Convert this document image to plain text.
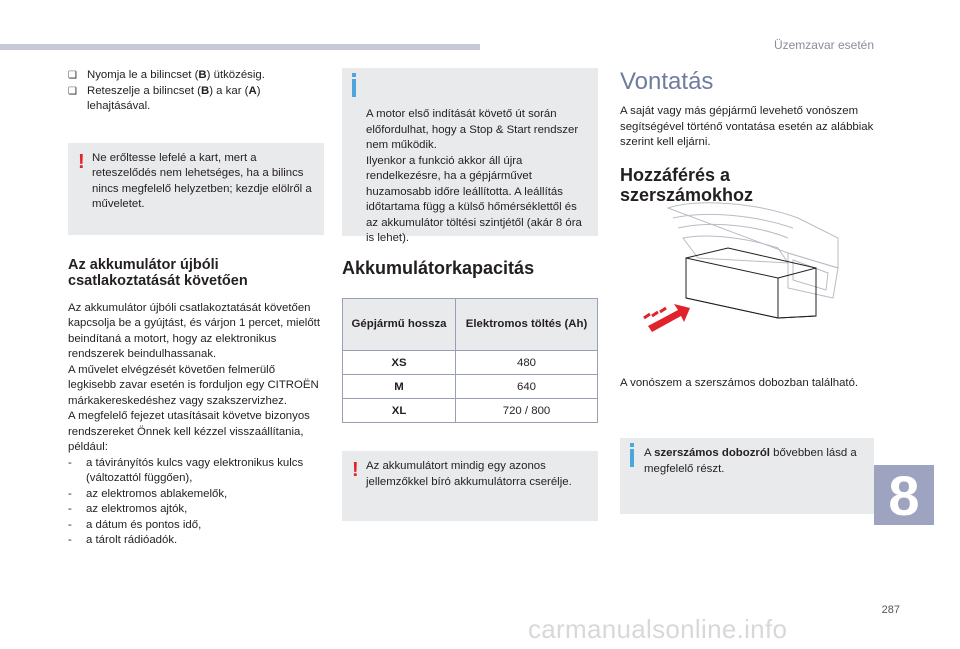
Üzemzavar esetén
8
287
carmanualsonline.info
❏ Nyomja le a bilincset (B) ütközésig.
❏ Reteszelje a bilincset (B) a kar (A) lehajtásával.
! Ne erőltesse lefelé a kart, mert a reteszelődés nem lehetséges, ha a bilincs nincs megfelelő helyzetben; kezdje elölről a műveletet.
Az akkumulátor újbóli csatlakoztatását követően
Az akkumulátor újbóli csatlakoztatását követően kapcsolja be a gyújtást, és várjon 1 percet, mielőtt beindítaná a motort, hogy az elektronikus rendszerek beindulhassanak.
A művelet elvégzését követően felmerülő legkisebb zavar esetén is forduljon egy CITROËN márkakereskedéshez vagy szakszervizhez.
A megfelelő fejezet utasításait követve bizonyos rendszereket Önnek kell kézzel visszaállítania, például:
- a távirányítós kulcs vagy elektronikus kulcs (változattól függően),
- az elektromos ablakemelők,
- az elektromos ajtók,
- a dátum és pontos idő,
- a tárolt rádióadók.

A motor első indítását követő út során előfordulhat, hogy a Stop & Start rendszer nem működik.
Ilyenkor a funkció akkor áll újra rendelkezésre, ha a gépjárművet huzamosabb időre leállította. A leállítás időtartama függ a külső hőmérséklettől és az akkumulátor töltési szintjétől (akár 8 óra is lehet).

Akkumulátorkapacitás
Gépjármű hossza	Elektromos töltés (Ah)
XS	480
M	640
XL	720 / 800
! Az akkumulátort mindig egy azonos jellemzőkkel bíró akkumulátorra cserélje.
Vontatás
A saját vagy más gépjármű levehető vonószem segítségével történő vontatása esetén az alábbiak szerint kell eljárni.
Hozzáférés a szerszámokhoz
A vonószem a szerszámos dobozban található.
A szerszámos dobozról bővebben lásd a megfelelő részt.
